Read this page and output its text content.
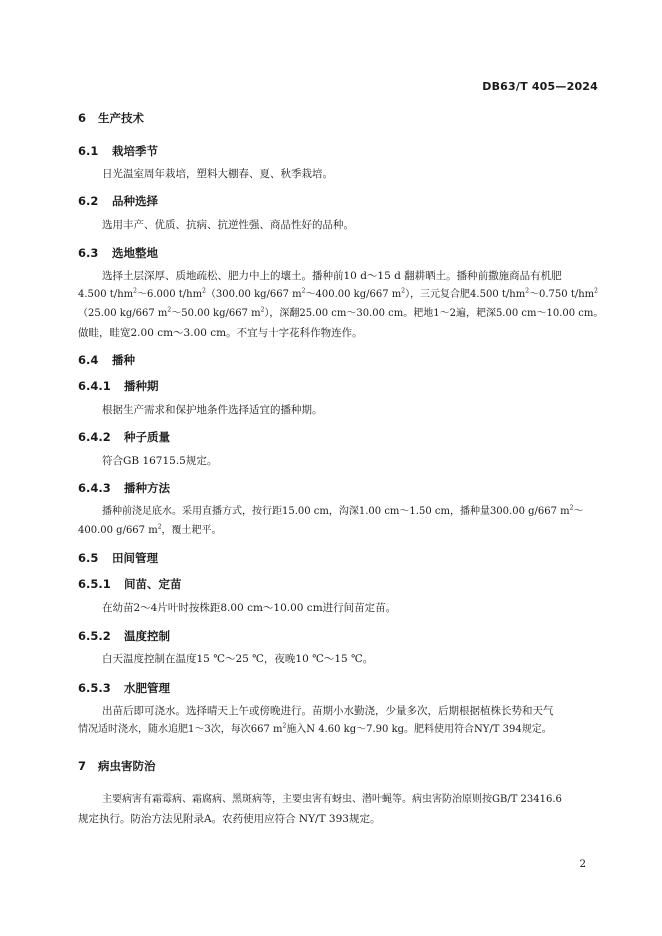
DB63/T 405—2024
6 生产技术
6.1 栽培季节
日光温室周年栽培，塑料大棚春、夏、秋季栽培。
6.2 品种选择
选用丰产、优质、抗病、抗逆性强、商品性好的品种。
6.3 选地整地
选择土层深厚、质地疏松、肥力中上的壤土。播种前10 d～15 d 翻耕晒土。播种前撒施商品有机肥
4.500 $t/hm^2\sim 6.000$ $t/hm^2(300.00$ kg/667 $m^2\sim 400.00$ kg/667 $m^2$），三元复合肥4.500 $t/hm^2\sim 0.750$ $t/hm^2$
（25.00 kg/667 $m^2\sim 50.00$ kg/667 $m^2$），深翻25.00 cm～30.00 cm。耙地1～2遍，耙深5.00 cm～10.00 cm。
做畦，畦宽2.00 cm～3.00 cm。不宜与十字花科作物连作。
6.4 播种
6.4.1 播种期
根据生产需求和保护地条件选择适宜的播种期。
6.4.2 种子质量
符合GB 16715.5规定。
6.4.3 播种方法
播种前浇足底水。采用直播方式，按行距15.00 cm，沟深1.00 cm～1.50 cm，播种量300.00 g/667 $m^2\sim$
400.00 g/667 $m^2$，覆土耙平。
6.5 田间管理
6.5.1 间苗、定苗
在幼苗2～4片叶时按株距8.00 cm～10.00 cm进行间苗定苗。
6.5.2 温度控制
白天温度控制在温度15 ℃～25 ℃，夜晚10 ℃～15 ℃。
6.5.3 水肥管理
出苗后即可浇水。选择晴天上午或傍晚进行。苗期小水勤浇，少量多次，后期根据植株长势和天气
情况适时浇水，随水追肥1～3次，每次667 $m^2$施入N 4.60 kg～7.90 kg。肥料使用符合NY/T 394规定。
7 病虫害防治
主要病害有霜霉病、霜腐病、黑斑病等，主要虫害有蚜虫、潜叶蝇等。病虫害防治原则按GB/T 23416.6
规定执行。防治方法见附录A。农药使用应符合 NY/T 393规定。
2
